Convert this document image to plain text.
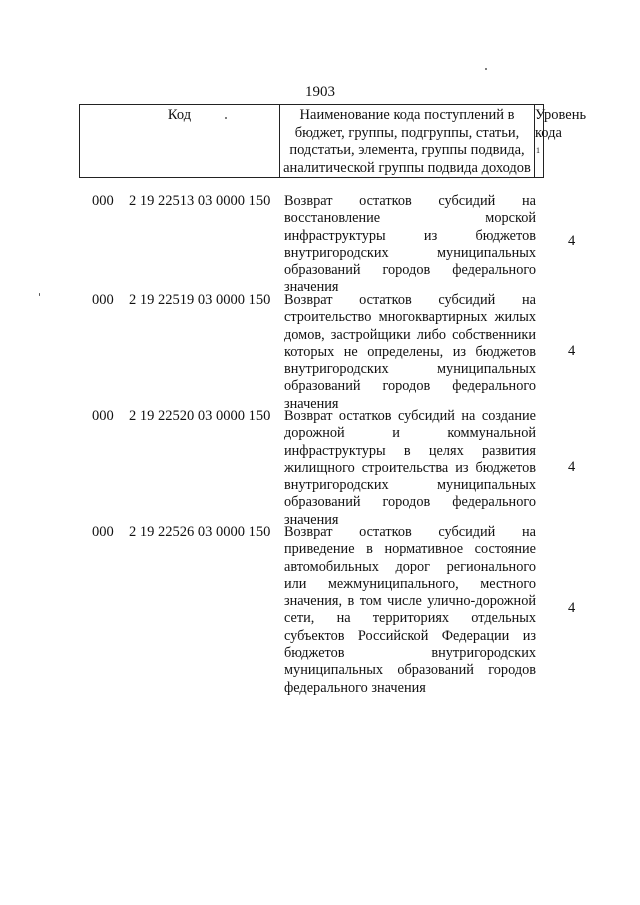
1903
Код	Наименование кода поступлений в
бюджет, группы, подгруппы, статьи,
подстатьи, элемента, группы подвида,
аналитической группы подвида доходов

Уровень
кода $^1$
000 2 19 22513 03 0000 150 Возврат остатков субсидий на
восстановление морской
инфраструктуры из бюджетов
внутригородских муниципальных
образований городов федерального
значения
4
000 2 19 22519 03 0000 150 Возврат остатков субсидий на
строительство многоквартирных жилых
домов, застройщики либо собственники
которых не определены, из бюджетов
внутригородских муниципальных
образований городов федерального
значения
4
000 2 19 22520 03 0000 150 Возврат остатков субсидий на создание
дорожной и коммунальной
инфраструктуры в целях развития
жилищного строительства из бюджетов
внутригородских муниципальных
образований городов федерального
значения
4
000 2 19 22526 03 0000 150 Возврат остатков субсидий на
приведение в нормативное состояние
автомобильных дорог регионального
или межмуниципального, местного
значения, в том числе улично-дорожной
сети, на территориях отдельных
субъектов Российской Федерации из
бюджетов внутригородских
муниципальных образований городов
федерального значения
4
